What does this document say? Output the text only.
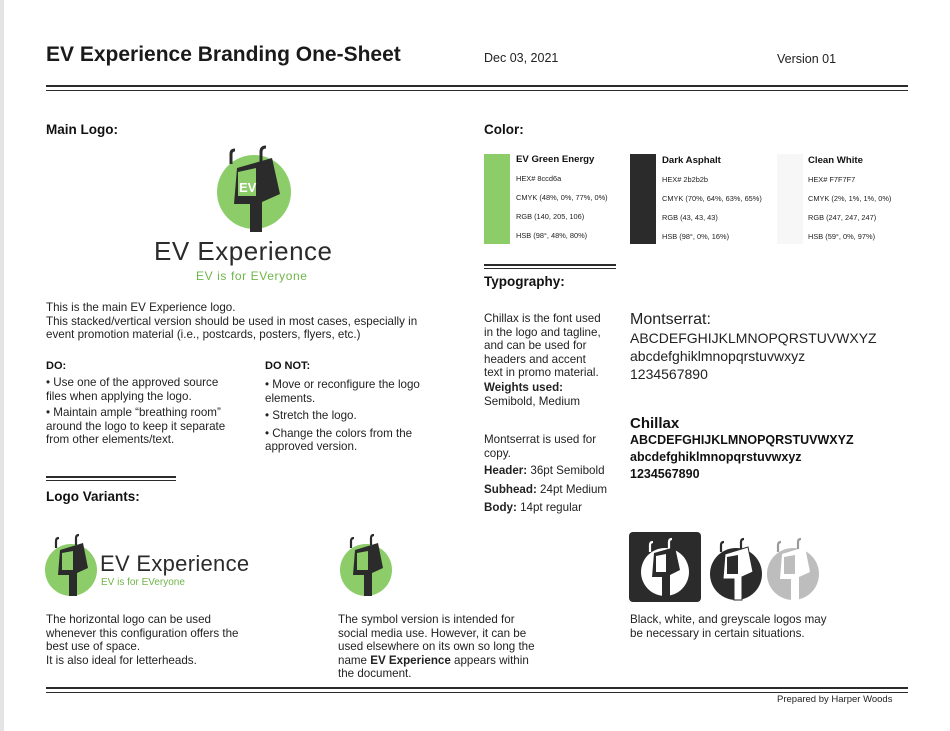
EV Experience Branding One-Sheet	Dec 03, 2021	Version 01
Main Logo:
EV
EV Experience
EV is for EVeryone
This is the main EV Experience logo.
This stacked/vertical version should be used in most cases, especially in
event promotion material (i.e., postcards, posters, flyers, etc.)
DO:
• Use one of the approved source
files when applying the logo.
• Maintain ample “breathing room”
around the logo to keep it separate
from other elements/text.
DO NOT:
• Move or reconfigure the logo
elements.
• Stretch the logo.
• Change the colors from the
approved version.
Color:
EV Green Energy
HEX# 8ccd6a
CMYK (48%, 0%, 77%, 0%)
RGB (140, 205, 106)
HSB (98°, 48%, 80%)
Dark Asphalt
HEX# 2b2b2b
CMYK (70%, 64%, 63%, 65%)
RGB (43, 43, 43)
HSB (98°, 0%, 16%)
Clean White
HEX# F7F7F7
CMYK (2%, 1%, 1%, 0%)
RGB (247, 247, 247)
HSB (59°, 0%, 97%)
Typography:
Chillax is the font used
in the logo and tagline,
and can be used for
headers and accent
text in promo material.
Weights used:
Semibold, Medium
Montserrat is used for
copy.
Header: 36pt Semibold
Subhead: 24pt Medium
Body: 14pt regular
Montserrat:
ABCDEFGHIJKLMNOPQRSTUVWXYZ
abcdefghiklmnopqrstuvwxyz
1234567890
Chillax
ABCDEFGHIJKLMNOPQRSTUVWXYZ
abcdefghiklmnopqrstuvwxyz
1234567890
Logo Variants:
EV Experience
EV is for EVeryone
The horizontal logo can be used
whenever this configuration offers the
best use of space.
It is also ideal for letterheads.
The symbol version is intended for
social media use. However, it can be
used elsewhere on its own so long the
name EV Experience appears within
the document.
Black, white, and greyscale logos may
be necessary in certain situations.
Prepared by Harper Woods
